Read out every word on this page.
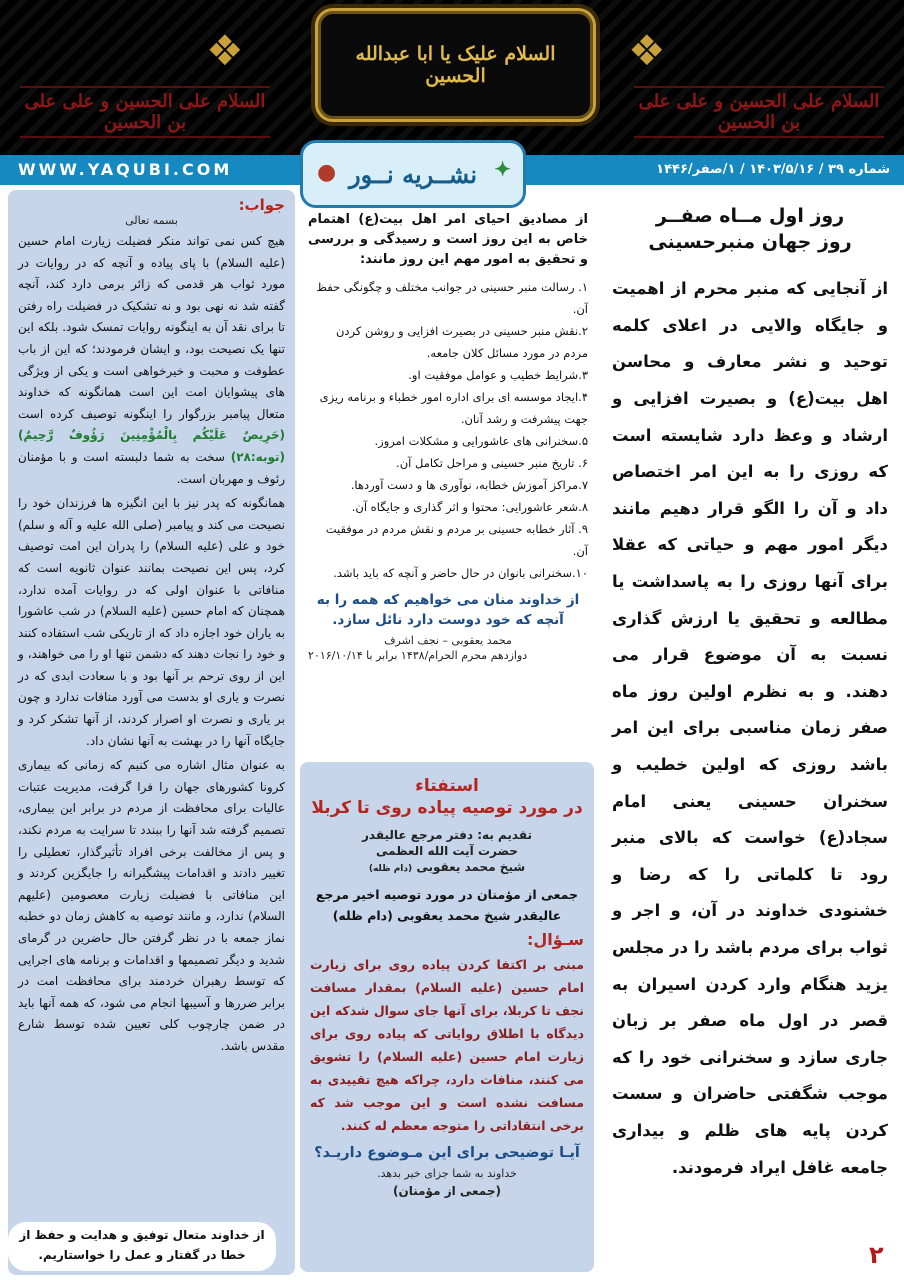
❖	❖
السلام علی الحسین و علی علی بن الحسین
السلام علی الحسین و علی علی بن الحسین
السلام علیک یا ابا عبدالله الحسین
WWW.YAQUBI.COM	شماره ۳۹ / ۱۴۰۳/۵/۱۶ / ۱/صفر/۱۴۴۶
● نشــریه نــور ✦
روز اول مــاه صفــر
روز جهان منبرحسینی

از آنجایی که منبر محرم از اهمیت و جایگاه والایی در اعلای کلمه توحید و نشر معارف و محاسن اهل بیت(ع) و بصیرت افزایی و ارشاد و وعظ دارد شایسته است که روزی را به این امر اختصاص داد و آن را الگو قرار دهیم مانند دیگر امور مهم و حیاتی که عقلا برای آنها روزی را به پاسداشت یا مطالعه و تحقیق یا ارزش گذاری نسبت به آن موضوع قرار می دهند. و به نظرم اولین روز ماه صفر زمان مناسبی برای این امر باشد روزی که اولین خطیب و سخنران حسینی یعنی امام سجاد(ع) خواست که بالای منبر رود تا کلماتی را که رضا و خشنودی خداوند در آن، و اجر و ثواب برای مردم باشد را در مجلس یزید هنگام وارد کردن اسیران به قصر در اول ماه صفر بر زبان جاری سازد و سخنرانی خود را که موجب شگفتی حاضران و سست کردن پایه های ظلم و بیداری جامعه غافل ایراد فرمودند.

۲

از مصادیق احیای امر اهل بیت(ع) اهتمام خاص به این روز است و رسیدگی و بررسی و تحقیق به امور مهم این روز مانند:

۱. رسالت منبر حسینی در جوانب مختلف و چگونگی حفظ آن.
۲.نقش منبر حسینی در بصیرت افزایی و روشن کردن مردم در مورد مسائل کلان جامعه.
۳.شرایط خطیب و عوامل موفقیت او.
۴.ایجاد موسسه ای برای اداره امور خطباء و برنامه ریزی جهت پیشرفت و رشد آنان.
۵.سخنرانی های عاشورایی و مشکلات امروز.
۶. تاریخ منبر حسینی و مراحل تکامل آن.
۷.مراکز آموزش خطابه، نوآوری ها و دست آوردها.
۸.شعر عاشورایی: محتوا و اثر گذاری و جایگاه آن.
۹. آثار خطابه حسینی بر مردم و نقش مردم در موفقیت آن.
۱۰.سخنرانی بانوان در حال حاضر و آنچه که باید باشد.

از خداوند منان می خواهیم که همه را به آنچه که خود دوست دارد نائل سازد.

محمد یعقوبی – نجف اشرف

دوازدهم محرم الحرام/۱۴۳۸ برابر با ۲۰۱۶/۱۰/۱۴

استفتاء

در مورد توصیه پیاده روی تا کربلا

تقدیم به: دفتر مرجع عالیقدر

حضرت آیت الله العظمی

شیخ محمد یعقوبی (دام ظله)

جمعی از مؤمنان در مورد توصیه اخیر مرجع عالیقدر شیخ محمد یعقوبی (دام ظله)

سـؤال:

مبنی بر اکتفا کردن پیاده روی برای زیارت امام حسین (علیه السلام) بمقدار مسافت نجف تا کربلا، برای آنها جای سوال شدکه این دیدگاه با اطلاق روایاتی که پیاده روی برای زیارت امام حسین (علیه السلام) را تشویق می کنند، منافات دارد، چراکه هیچ تقییدی به مسافت نشده است و این موجب شد که برخی انتقاداتی را متوجه معظم له کنند.

آیـا توضیحی برای این مـوضوع داریـد؟

خداوند به شما جزای خیر بدهد.

(جمعی از مؤمنان)

جواب:

بسمه تعالی

هیچ کس نمی تواند منکر فضیلت زیارت امام حسین (علیه السلام) با پای پیاده و آنچه که در روایات در مورد ثواب هر قدمی که زائر برمی دارد کند، آنچه گفته شد نه نهی بود و نه تشکیک در فضیلت راه رفتن تا برای نقد آن به اینگونه روایات تمسک شود. بلکه این تنها یک نصیحت بود، و ایشان فرمودند؛ که این از باب عطوفت و محبت و خیرخواهی است و یکی از ویژگی های پیشوایان امت این است همانگونه که خداوند متعال پیامبر بزرگوار را اینگونه توصیف کرده است (حَرِیصٌ عَلَیْکُم بِالْمُؤْمِنِینَ رَؤُوفٌ رَّحِیمٌ) (توبه:۲۸) سخت به شما دلبسته است و با مؤمنان رئوف و مهربان است.

همانگونه که پدر نیز با این انگیزه ها فرزندان خود را نصیحت می کند و پیامبر (صلی الله علیه و آله و سلم) خود و علی (علیه السلام) را پدران این امت توصیف کرد، پس این نصیحت بمانند عنوان ثانویه است که منافاتی با عنوان اولی که در روایات آمده ندارد، همچنان که امام حسین (علیه السلام) در شب عاشورا به یاران خود اجازه داد که از تاریکی شب استفاده کنند و خود را نجات دهند که دشمن تنها او را می خواهند، و این از روی ترحم بر آنها بود و با سعادت ابدی که در نصرت و یاری او بدست می آورد منافات ندارد و چون بر یاری و نصرت او اصرار کردند، از آنها تشکر کرد و جایگاه آنها را در بهشت به آنها نشان داد.

به عنوان مثال اشاره می کنیم که زمانی که بیماری کرونا کشورهای جهان را فرا گرفت، مدیریت عتبات عالیات برای محافظت از مردم در برابر این بیماری، تصمیم گرفته شد آنها را ببندد تا سرایت به مردم نکند، و پس از مخالفت برخی افراد تأثیرگذار، تعطیلی را تغییر دادند و اقدامات پیشگیرانه را جایگزین کردند و این منافاتی با فضیلت زیارت معصومین (علیهم السلام) ندارد، و مانند توصیه به کاهش زمان دو خطبه نماز جمعه با در نظر گرفتن حال حاضرین در گرمای شدید و دیگر تصمیمها و اقدامات و برنامه های اجرایی که توسط رهبران خردمند برای محافظت امت در برابر ضررها و آسیبها انجام می شود، که همه آنها باید در ضمن چارچوب کلی تعیین شده توسط شارع مقدس باشد.

از خداوند متعال توفیق و هدایت و حفظ از خطا در گفتار و عمل را خواستاریم.
